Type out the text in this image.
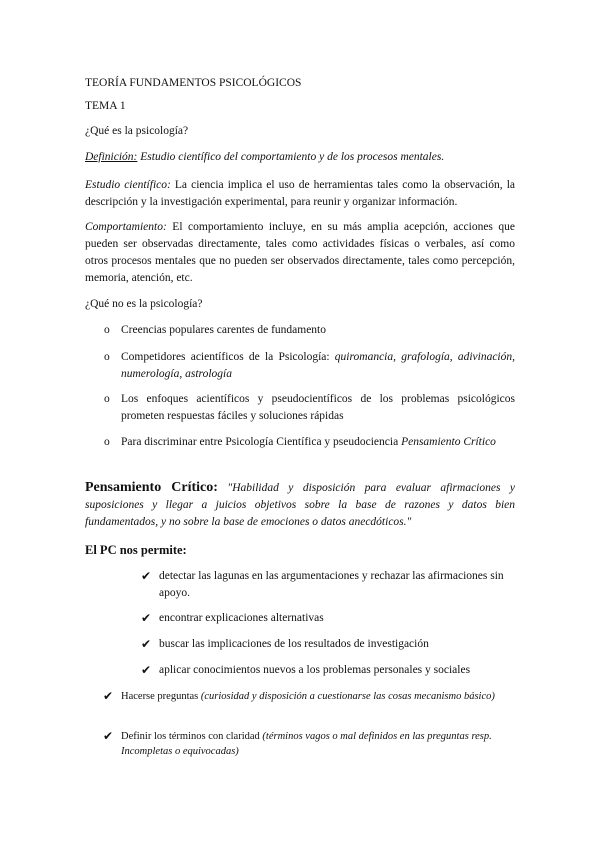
TEORÍA FUNDAMENTOS PSICOLÓGICOS

TEMA 1

¿Qué es la psicología?

Definición: Estudio científico del comportamiento y de los procesos mentales.

Estudio científico: La ciencia implica el uso de herramientas tales como la observación, la descripción y la investigación experimental, para reunir y organizar información.

Comportamiento: El comportamiento incluye, en su más amplia acepción, acciones que pueden ser observadas directamente, tales como actividades físicas o verbales, así como otros procesos mentales que no pueden ser observados directamente, tales como percepción, memoria, atención, etc.

¿Qué no es la psicología?

o Creencias populares carentes de fundamento

o Competidores acientíficos de la Psicología: quiromancia, grafología, adivinación, numerología, astrología

o Los enfoques acientíficos y pseudocientíficos de los problemas psicológicos prometen respuestas fáciles y soluciones rápidas

o Para discriminar entre Psicología Científica y pseudociencia Pensamiento Crítico

Pensamiento Crítico: "Habilidad y disposición para evaluar afirmaciones y suposiciones y llegar a juicios objetivos sobre la base de razones y datos bien fundamentados, y no sobre la base de emociones o datos anecdóticos."

El PC nos permite:

✔ detectar las lagunas en las argumentaciones y rechazar las afirmaciones sin apoyo.

✔ encontrar explicaciones alternativas

✔ buscar las implicaciones de los resultados de investigación

✔ aplicar conocimientos nuevos a los problemas personales y sociales

✔ Hacerse preguntas (curiosidad y disposición a cuestionarse las cosas mecanismo básico)

✔ Definir los términos con claridad (términos vagos o mal definidos en las preguntas resp. Incompletas o equivocadas)
